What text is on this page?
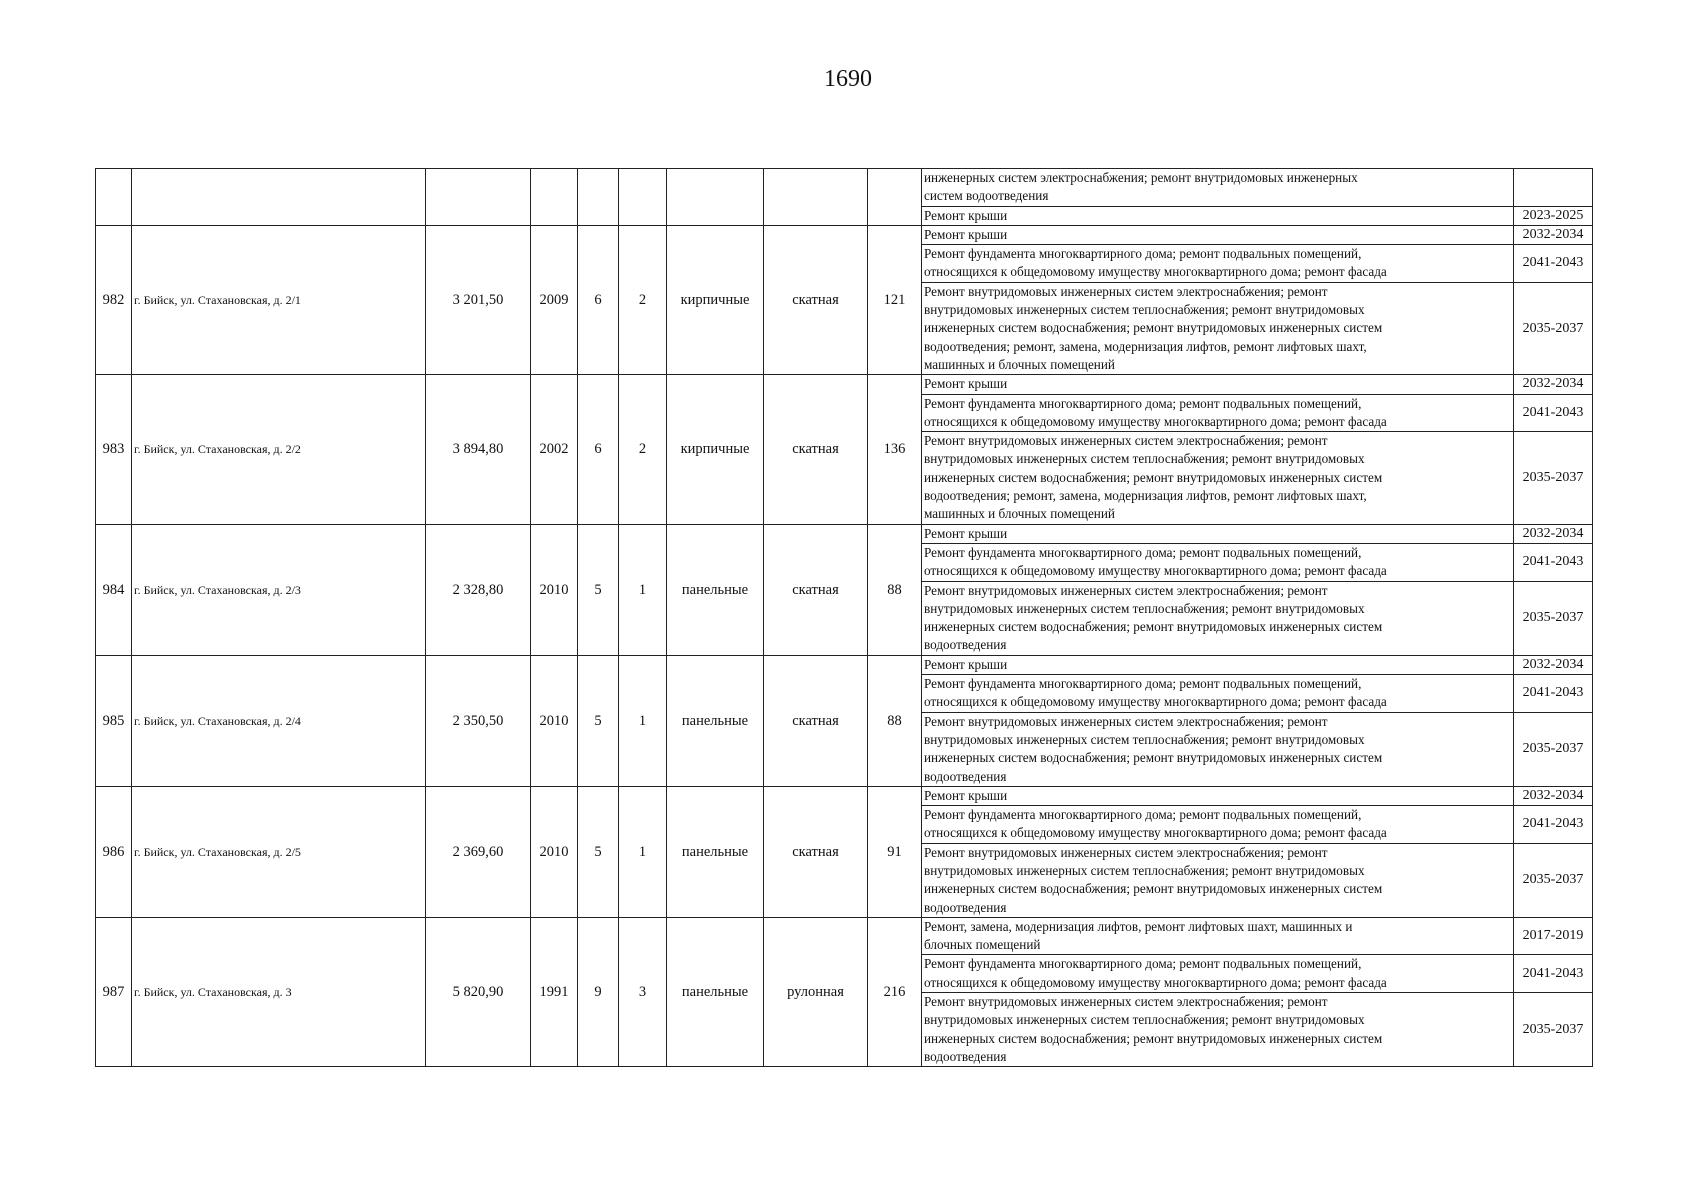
1690
									инженерных систем электроснабжения; ремонт внутридомовых инженерных
систем водоотведения	
									Ремонт крыши	2023-2025
982	г. Бийск, ул. Стахановская, д. 2/1	3 201,50	2009	6	2	кирпичные	скатная	121	Ремонт крыши	2032-2034
									Ремонт фундамента многоквартирного дома; ремонт подвальных помещений,
относящихся к общедомовому имуществу многоквартирного дома; ремонт фасада	2041-2043
									Ремонт внутридомовых инженерных систем электроснабжения; ремонт
внутридомовых инженерных систем теплоснабжения; ремонт внутридомовых
инженерных систем водоснабжения; ремонт внутридомовых инженерных систем
водоотведения; ремонт, замена, модернизация лифтов, ремонт лифтовых шахт,
машинных и блочных помещений	2035-2037
983	г. Бийск, ул. Стахановская, д. 2/2	3 894,80	2002	6	2	кирпичные	скатная	136	Ремонт крыши	2032-2034
									Ремонт фундамента многоквартирного дома; ремонт подвальных помещений,
относящихся к общедомовому имуществу многоквартирного дома; ремонт фасада	2041-2043
									Ремонт внутридомовых инженерных систем электроснабжения; ремонт
внутридомовых инженерных систем теплоснабжения; ремонт внутридомовых
инженерных систем водоснабжения; ремонт внутридомовых инженерных систем
водоотведения; ремонт, замена, модернизация лифтов, ремонт лифтовых шахт,
машинных и блочных помещений	2035-2037
984	г. Бийск, ул. Стахановская, д. 2/3	2 328,80	2010	5	1	панельные	скатная	88	Ремонт крыши	2032-2034
									Ремонт фундамента многоквартирного дома; ремонт подвальных помещений,
относящихся к общедомовому имуществу многоквартирного дома; ремонт фасада	2041-2043
									Ремонт внутридомовых инженерных систем электроснабжения; ремонт
внутридомовых инженерных систем теплоснабжения; ремонт внутридомовых
инженерных систем водоснабжения; ремонт внутридомовых инженерных систем
водоотведения	2035-2037
985	г. Бийск, ул. Стахановская, д. 2/4	2 350,50	2010	5	1	панельные	скатная	88	Ремонт крыши	2032-2034
									Ремонт фундамента многоквартирного дома; ремонт подвальных помещений,
относящихся к общедомовому имуществу многоквартирного дома; ремонт фасада	2041-2043
									Ремонт внутридомовых инженерных систем электроснабжения; ремонт
внутридомовых инженерных систем теплоснабжения; ремонт внутридомовых
инженерных систем водоснабжения; ремонт внутридомовых инженерных систем
водоотведения	2035-2037
986	г. Бийск, ул. Стахановская, д. 2/5	2 369,60	2010	5	1	панельные	скатная	91	Ремонт крыши	2032-2034
									Ремонт фундамента многоквартирного дома; ремонт подвальных помещений,
относящихся к общедомовому имуществу многоквартирного дома; ремонт фасада	2041-2043
									Ремонт внутридомовых инженерных систем электроснабжения; ремонт
внутридомовых инженерных систем теплоснабжения; ремонт внутридомовых
инженерных систем водоснабжения; ремонт внутридомовых инженерных систем
водоотведения	2035-2037
987	г. Бийск, ул. Стахановская, д. 3	5 820,90	1991	9	3	панельные	рулонная	216	Ремонт, замена, модернизация лифтов, ремонт лифтовых шахт, машинных и
блочных помещений	2017-2019
									Ремонт фундамента многоквартирного дома; ремонт подвальных помещений,
относящихся к общедомовому имуществу многоквартирного дома; ремонт фасада	2041-2043
									Ремонт внутридомовых инженерных систем электроснабжения; ремонт
внутридомовых инженерных систем теплоснабжения; ремонт внутридомовых
инженерных систем водоснабжения; ремонт внутридомовых инженерных систем
водоотведения	2035-2037
